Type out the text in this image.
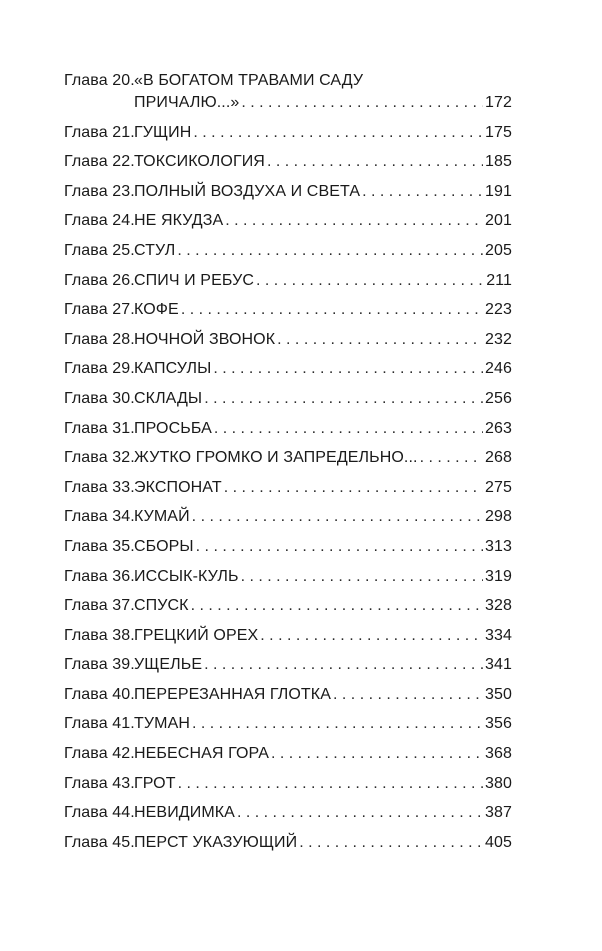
Глава 20. «В БОГАТОМ ТРАВАМИ САДУ
ПРИЧАЛЮ...» . . .	172
Глава 21. ГУЩИН . . .	175
Глава 22. ТОКСИКОЛОГИЯ . . .	185
Глава 23. ПОЛНЫЙ ВОЗДУХА И СВЕТА . . .	191
Глава 24. НЕ ЯКУДЗА . . .	201
Глава 25. СТУЛ . . .	205
Глава 26. СПИЧ И РЕБУС . . .	211
Глава 27. КОФЕ . . .	223
Глава 28. НОЧНОЙ ЗВОНОК . . .	232
Глава 29. КАПСУЛЫ . . .	246
Глава 30. СКЛАДЫ . . .	256
Глава 31. ПРОСЬБА . . .	263
Глава 32. ЖУТКО ГРОМКО И ЗАПРЕДЕЛЬНО... . . .	268
Глава 33. ЭКСПОНАТ . . .	275
Глава 34. КУМАЙ . . .	298
Глава 35. СБОРЫ . . .	313
Глава 36. ИССЫК-КУЛЬ . . .	319
Глава 37. СПУСК . . .	328
Глава 38. ГРЕЦКИЙ ОРЕХ . . .	334
Глава 39. УЩЕЛЬЕ . . .	341
Глава 40. ПЕРЕРЕЗАННАЯ ГЛОТКА . . .	350
Глава 41. ТУМАН . . .	356
Глава 42. НЕБЕСНАЯ ГОРА . . .	368
Глава 43. ГРОТ . . .	380
Глава 44. НЕВИДИМКА . . .	387
Глава 45. ПЕРСТ УКАЗУЮЩИЙ . . .	405
